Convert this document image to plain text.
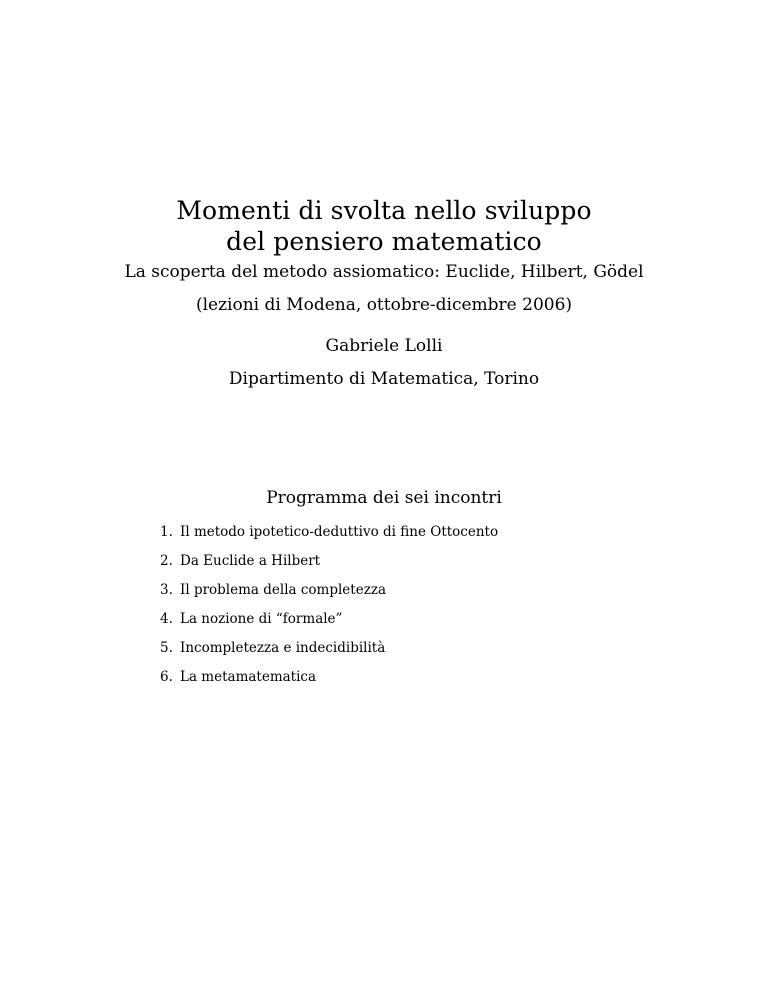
Momenti di svolta nello sviluppo
del pensiero matematico
La scoperta del metodo assiomatico: Euclide, Hilbert, Gödel
(lezioni di Modena, ottobre-dicembre 2006)
Gabriele Lolli
Dipartimento di Matematica, Torino
Programma dei sei incontri
1. Il metodo ipotetico-deduttivo di fine Ottocento
2. Da Euclide a Hilbert
3. Il problema della completezza
4. La nozione di “formale”
5. Incompletezza e indecidibilità
6. La metamatematica
